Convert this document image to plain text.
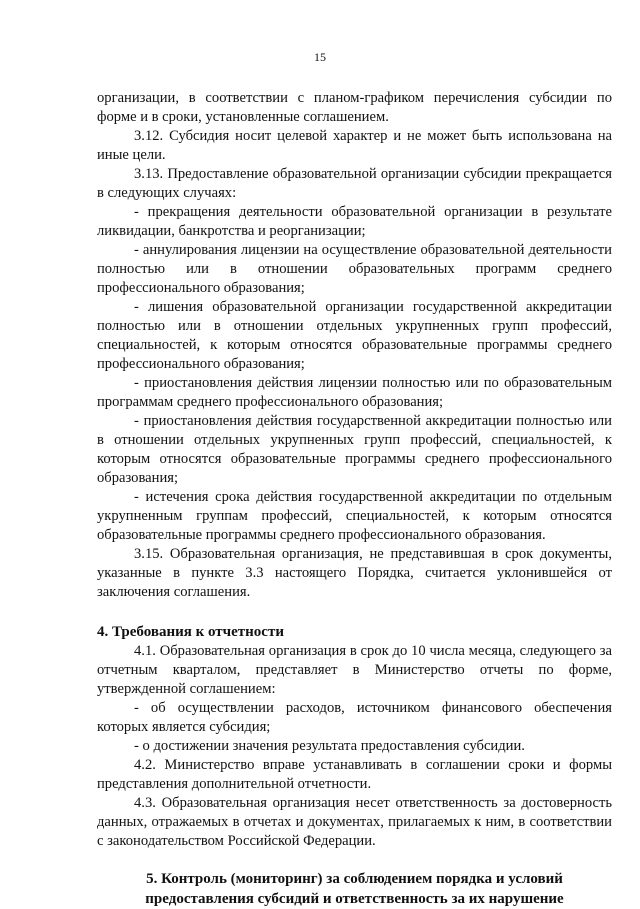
15

организации, в соответствии с планом-графиком перечисления субсидии по форме и в сроки, установленные соглашением.

3.12. Субсидия носит целевой характер и не может быть использована на иные цели.

3.13. Предоставление образовательной организации субсидии прекращается в следующих случаях:

- прекращения деятельности образовательной организации в результате ликвидации, банкротства и реорганизации;

- аннулирования лицензии на осуществление образовательной деятельности полностью или в отношении образовательных программ среднего профессионального образования;

- лишения образовательной организации государственной аккредитации полностью или в отношении отдельных укрупненных групп профессий, специальностей, к которым относятся образовательные программы среднего профессионального образования;

- приостановления действия лицензии полностью или по образовательным программам среднего профессионального образования;

- приостановления действия государственной аккредитации полностью или в отношении отдельных укрупненных групп профессий, специальностей, к которым относятся образовательные программы среднего профессионального образования;

- истечения срока действия государственной аккредитации по отдельным укрупненным группам профессий, специальностей, к которым относятся образовательные программы среднего профессионального образования.

3.15. Образовательная организация, не представившая в срок документы, указанные в пункте 3.3 настоящего Порядка, считается уклонившейся от заключения соглашения.

4. Требования к отчетности

4.1. Образовательная организация в срок до 10 числа месяца, следующего за отчетным кварталом, представляет в Министерство отчеты по форме, утвержденной соглашением:

- об осуществлении расходов, источником финансового обеспечения которых является субсидия;

- о достижении значения результата предоставления субсидии.

4.2. Министерство вправе устанавливать в соглашении сроки и формы представления дополнительной отчетности.

4.3. Образовательная организация несет ответственность за достоверность данных, отражаемых в отчетах и документах, прилагаемых к ним, в соответствии с законодательством Российской Федерации.

5. Контроль (мониторинг) за соблюдением порядка и условий
предоставления субсидий и ответственность за их нарушение
